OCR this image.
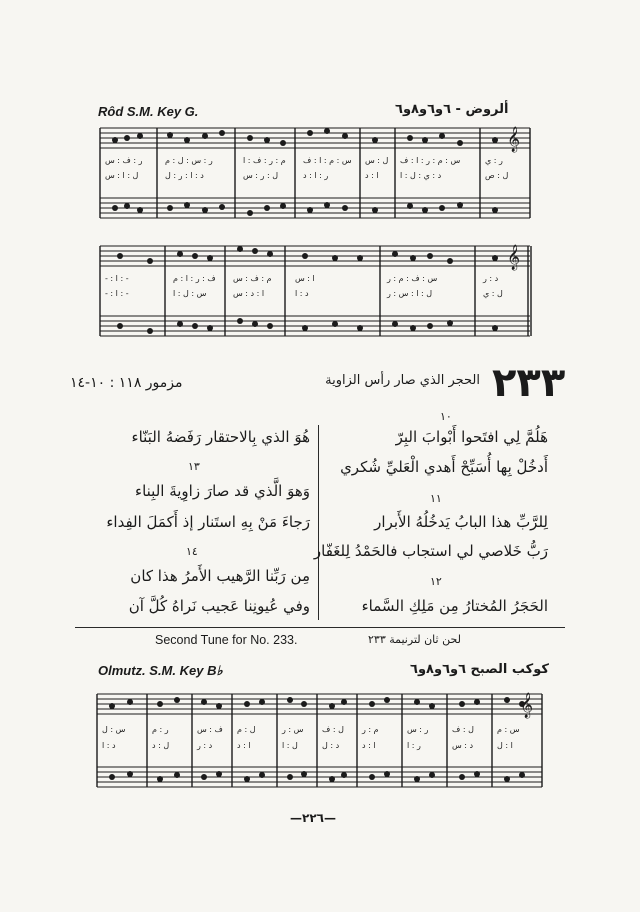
Rôd S.M. Key G.	ألروض - ٦و٦و٨و٦
ر : ف : س	ر : س : ل : م	م : ر : ف : ا س : م : ا : ف ل : س س : م : ر : ا : ف	ر : ي
ل : ا : س	د : ا : ر : ل	ل : ر : س	ر : ا : د	ا : د	د : ي : ل : ا	ل : ص
𝄞
- : ا : -	ف : ر : ا : م م : ف : س	ا : س	س : ف : م : ر	د : ر
- : ا : -	س : ل : ا	ا : د : س	د : ا	ل : ا : س : ر	ل : ي
𝄞
٢٣٣
الحجر الذي صار رأس الزاوية
مزمور ١١٨ : ١٠-١٤
١٠
١٣
١١
١٤
١٢
هَلُمَّ لِي افتَحوا أَبْوابَ البِرّ
أَدخُلْ بِها أُسَبِّحْ أَهدي الْعَليِّ شُكري
لِلرَّبِّ هذا البابُ يَدخُلُهُ الأَبرار
رَبُّ خَلاصي لي استجاب فالحَمْدُ لِلغَفّار
الحَجَرُ المُختارُ مِن مَلِكِ السَّماء
هُوَ الذي بِالاحتقار رَفَضهُ البَنّاء
وَهوَ الَّذي قد صارَ زاوِيةَ البِناء
رَجاءَ مَنْ بِهِ استَنار إذ أَكمَلَ الفِداء
مِن رَبِّنا الرَّهيب الأَمرُ هذا كان
وفي عُيونِنا عَجيب نَراهُ كُلَّ آن
Second Tune for No. 233.	لحن ثان لترنيمة ٢٣٣
Olmutz. S.M. Key B♭	كوكب الصبح ٦و٦و٨و٦
س : ل	ر : م	ف : س ل : م	س : ر ل : ف م : ر	ر : س	ل : ف	س : م
د : ا	ل : د	د : ر	ا : د	ل : ا	د : ل	ا : د	ر : ا	د : س	ا : ل
𝄞
—٢٢٦—
